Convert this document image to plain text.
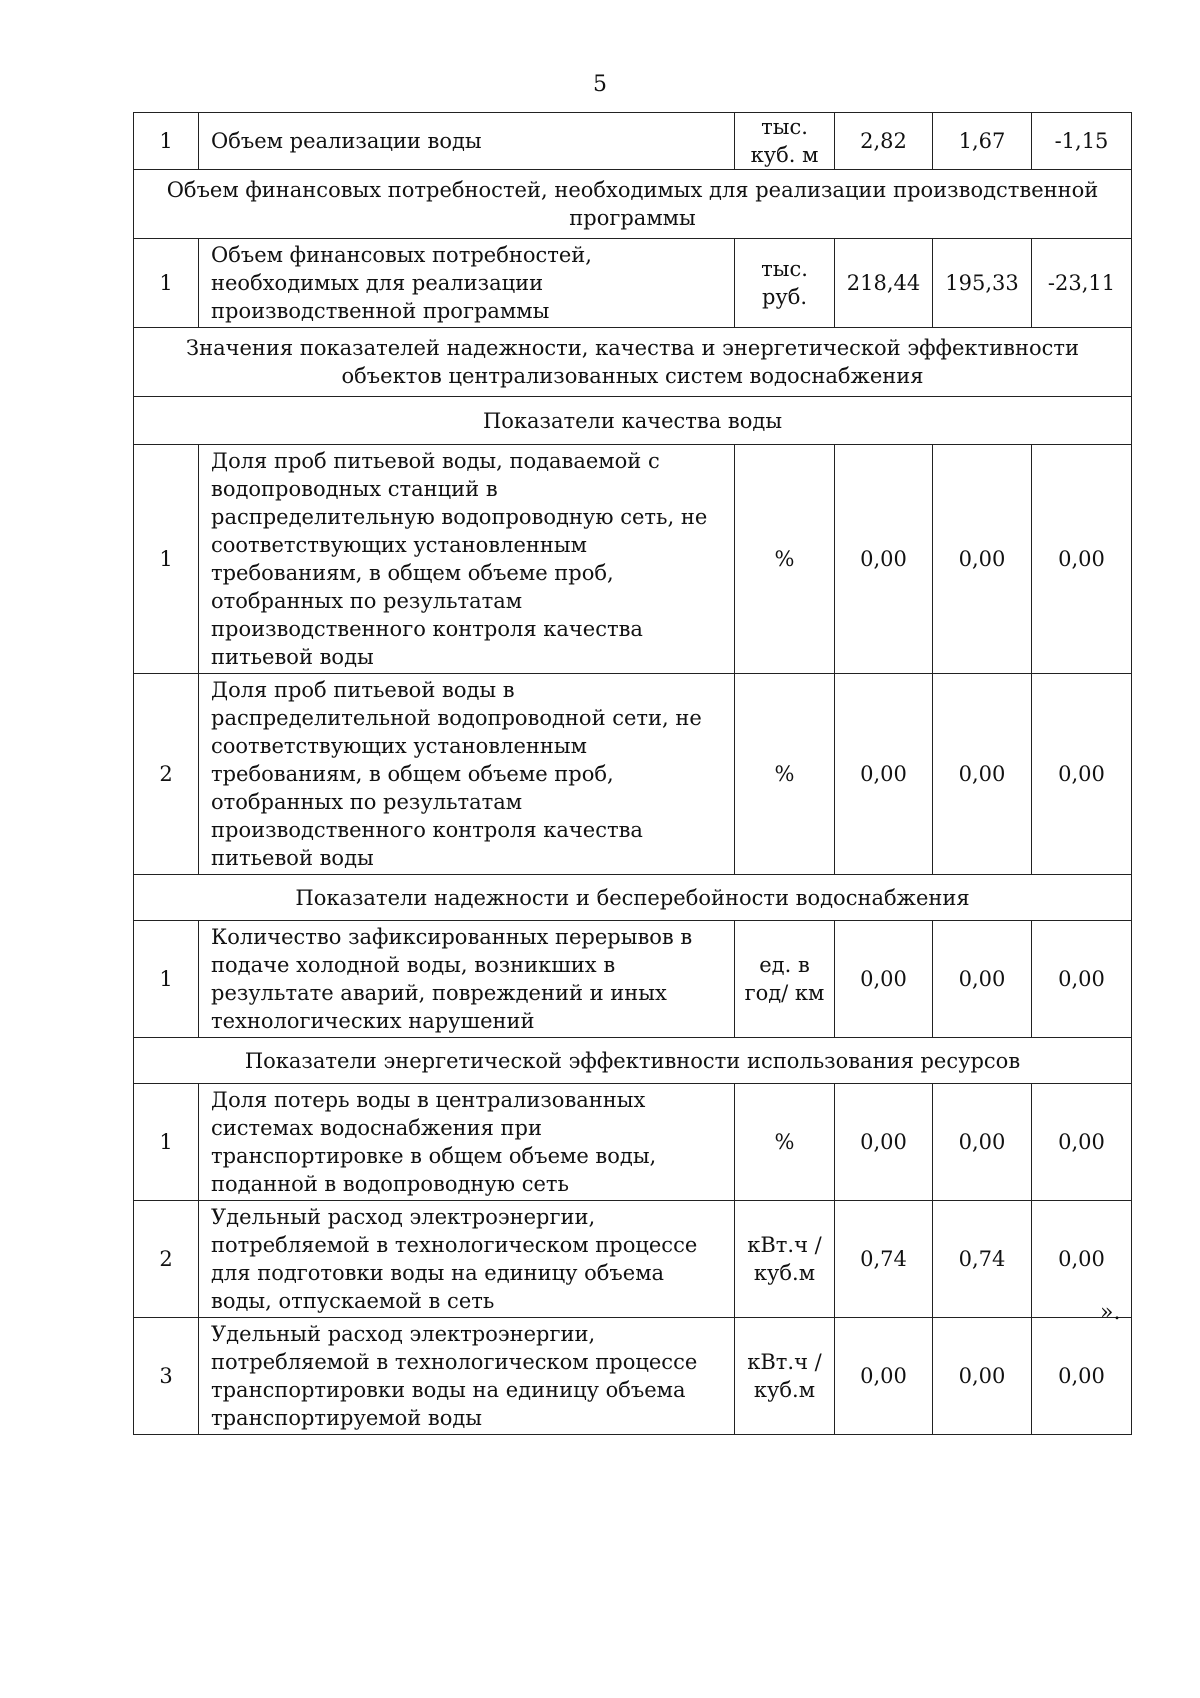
5
1	Объем реализации воды	тыс. куб. м	2,82	1,67	-1,15
Объем финансовых потребностей, необходимых для реализации производственной программы					
1	Объем финансовых потребностей, необходимых для реализации производственной программы	тыс. руб.	218,44	195,33	-23,11
Значения показателей надежности, качества и энергетической эффективности объектов централизованных систем водоснабжения					
Показатели качества воды					
1	Доля проб питьевой воды, подаваемой с водопроводных станций в распределительную водопроводную сеть, не соответствующих установленным требованиям, в общем объеме проб, отобранных по результатам производственного контроля качества питьевой воды	%	0,00	0,00	0,00
2	Доля проб питьевой воды в распределительной водопроводной сети, не соответствующих установленным требованиям, в общем объеме проб, отобранных по результатам производственного контроля качества питьевой воды	%	0,00	0,00	0,00
Показатели надежности и бесперебойности водоснабжения					
1	Количество зафиксированных перерывов в подаче холодной воды, возникших в результате аварий, повреждений и иных технологических нарушений	ед. в год/ км	0,00	0,00	0,00
Показатели энергетической эффективности использования ресурсов					
1	Доля потерь воды в централизованных системах водоснабжения при транспортировке в общем объеме воды, поданной в водопроводную сеть	%	0,00	0,00	0,00
2	Удельный расход электроэнергии, потребляемой в технологическом процессе для подготовки воды на единицу объема воды, отпускаемой в сеть	кВт.ч / куб.м	0,74	0,74	0,00
3	Удельный расход электроэнергии, потребляемой в технологическом процессе транспортировки воды на единицу объема транспортируемой воды	кВт.ч / куб.м	0,00	0,00	0,00
».
